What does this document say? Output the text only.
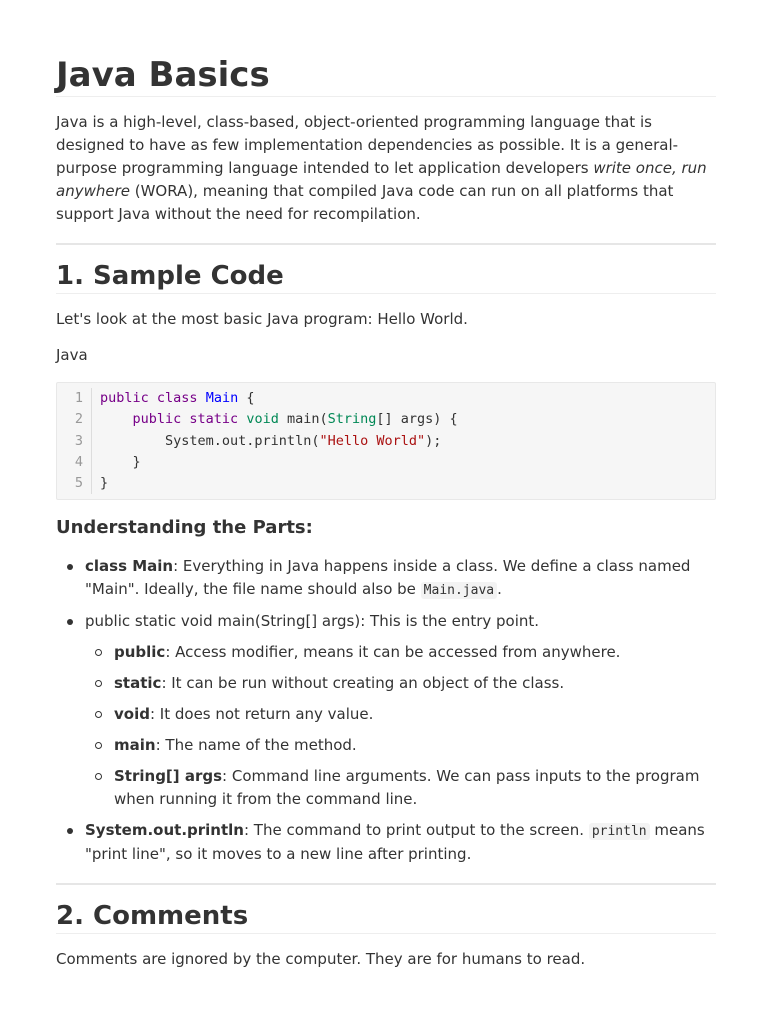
Java Basics

Java is a high-level, class-based, object-oriented programming language that is designed to have as few implementation dependencies as possible. It is a general-purpose programming language intended to let application developers write once, run anywhere (WORA), meaning that compiled Java code can run on all platforms that support Java without the need for recompilation.

1. Sample Code

Let's look at the most basic Java program: Hello World.

Java
1
2
3
4
5
public class Main {
public static void main(String[] args) {
System.out.println("Hello World");
}
}
Understanding the Parts:
class Main: Everything in Java happens inside a class. We define a class named "Main". Ideally, the file name should also be Main.java .
public static void main(String[] args): This is the entry point.
public: Access modifier, means it can be accessed from anywhere.
static: It can be run without creating an object of the class.
void: It does not return any value.
main: The name of the method.
String[] args: Command line arguments. We can pass inputs to the program when running it from the command line.
System.out.println: The command to print output to the screen. println means "print line", so it moves to a new line after printing.
2. Comments

Comments are ignored by the computer. They are for humans to read.
